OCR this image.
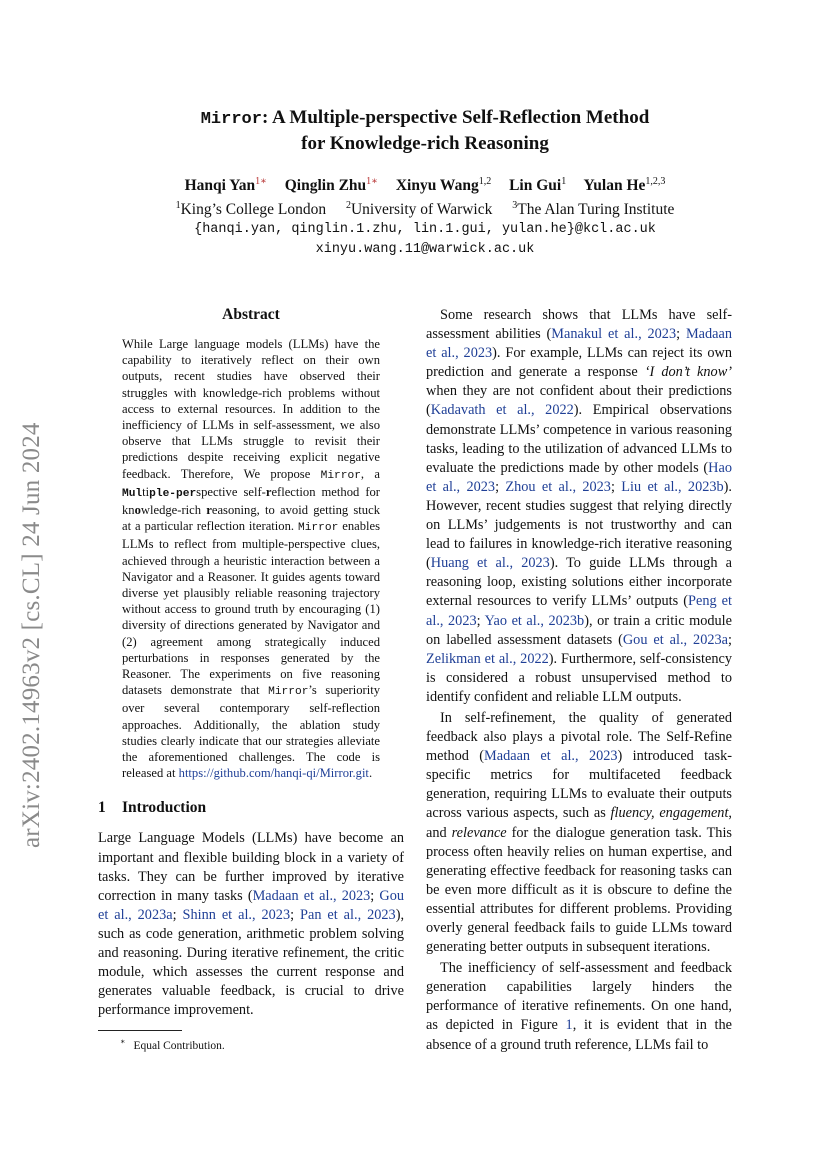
arXiv:2402.14963v2 [cs.CL] 24 Jun 2024

Mirror: A Multiple-perspective Self-Reflection Method
for Knowledge-rich Reasoning

Hanqi Yan$^{1∗}$ Qinglin Zhu$^{1∗}$ Xinyu Wang$^{1,2}$ Lin Gui$^1$ Yulan He$^{1,2,3}$
$^1$King’s College London $^2$University of Warwick $^3$The Alan Turing Institute
{hanqi.yan, qinglin.1.zhu, lin.1.gui, yulan.he}@kcl.ac.uk
xinyu.wang.11@warwick.ac.uk

Abstract

While Large language models (LLMs) have the capability to iteratively reflect on their own outputs, recent studies have observed their struggles with knowledge-rich problems without access to external resources. In addition to the inefficiency of LLMs in self-assessment, we also observe that LLMs struggle to revisit their predictions despite receiving explicit negative feedback. Therefore, We propose Mirror, a Multiple-perspective self-reflection method for knowledge-rich reasoning, to avoid getting stuck at a particular reflection iteration. Mirror enables LLMs to reflect from multiple-perspective clues, achieved through a heuristic interaction between a Navigator and a Reasoner. It guides agents toward diverse yet plausibly reliable reasoning trajectory without access to ground truth by encouraging (1) diversity of directions generated by Navigator and (2) agreement among strategically induced perturbations in responses generated by the Reasoner. The experiments on five reasoning datasets demonstrate that Mirror’s superiority over several contemporary self-reflection approaches. Additionally, the ablation study studies clearly indicate that our strategies alleviate the aforementioned challenges. The code is released at https://github.com/hanqi-qi/Mirror.git.

1 Introduction

Large Language Models (LLMs) have become an important and flexible building block in a variety of tasks. They can be further improved by iterative correction in many tasks (Madaan et al., 2023; Gou et al., 2023a; Shinn et al., 2023; Pan et al., 2023), such as code generation, arithmetic problem solving and reasoning. During iterative refinement, the critic module, which assesses the current response and generates valuable feedback, is crucial to drive performance improvement.

∗ Equal Contribution.

Some research shows that LLMs have self-assessment abilities (Manakul et al., 2023; Madaan et al., 2023). For example, LLMs can reject its own prediction and generate a response ‘I don’t know’ when they are not confident about their predictions (Kadavath et al., 2022). Empirical observations demonstrate LLMs’ competence in various reasoning tasks, leading to the utilization of advanced LLMs to evaluate the predictions made by other models (Hao et al., 2023; Zhou et al., 2023; Liu et al., 2023b). However, recent studies suggest that relying directly on LLMs’ judgements is not trustworthy and can lead to failures in knowledge-rich iterative reasoning (Huang et al., 2023). To guide LLMs through a reasoning loop, existing solutions either incorporate external resources to verify LLMs’ outputs (Peng et al., 2023; Yao et al., 2023b), or train a critic module on labelled assessment datasets (Gou et al., 2023a; Zelikman et al., 2022). Furthermore, self-consistency is considered a robust unsupervised method to identify confident and reliable LLM outputs.

In self-refinement, the quality of generated feedback also plays a pivotal role. The Self-Refine method (Madaan et al., 2023) introduced task-specific metrics for multifaceted feedback generation, requiring LLMs to evaluate their outputs across various aspects, such as fluency, engagement, and relevance for the dialogue generation task. This process often heavily relies on human expertise, and generating effective feedback for reasoning tasks can be even more difficult as it is obscure to define the essential attributes for different problems. Providing overly general feedback fails to guide LLMs toward generating better outputs in subsequent iterations.

The inefficiency of self-assessment and feedback generation capabilities largely hinders the performance of iterative refinements. On one hand, as depicted in Figure 1, it is evident that in the absence of a ground truth reference, LLMs fail to
